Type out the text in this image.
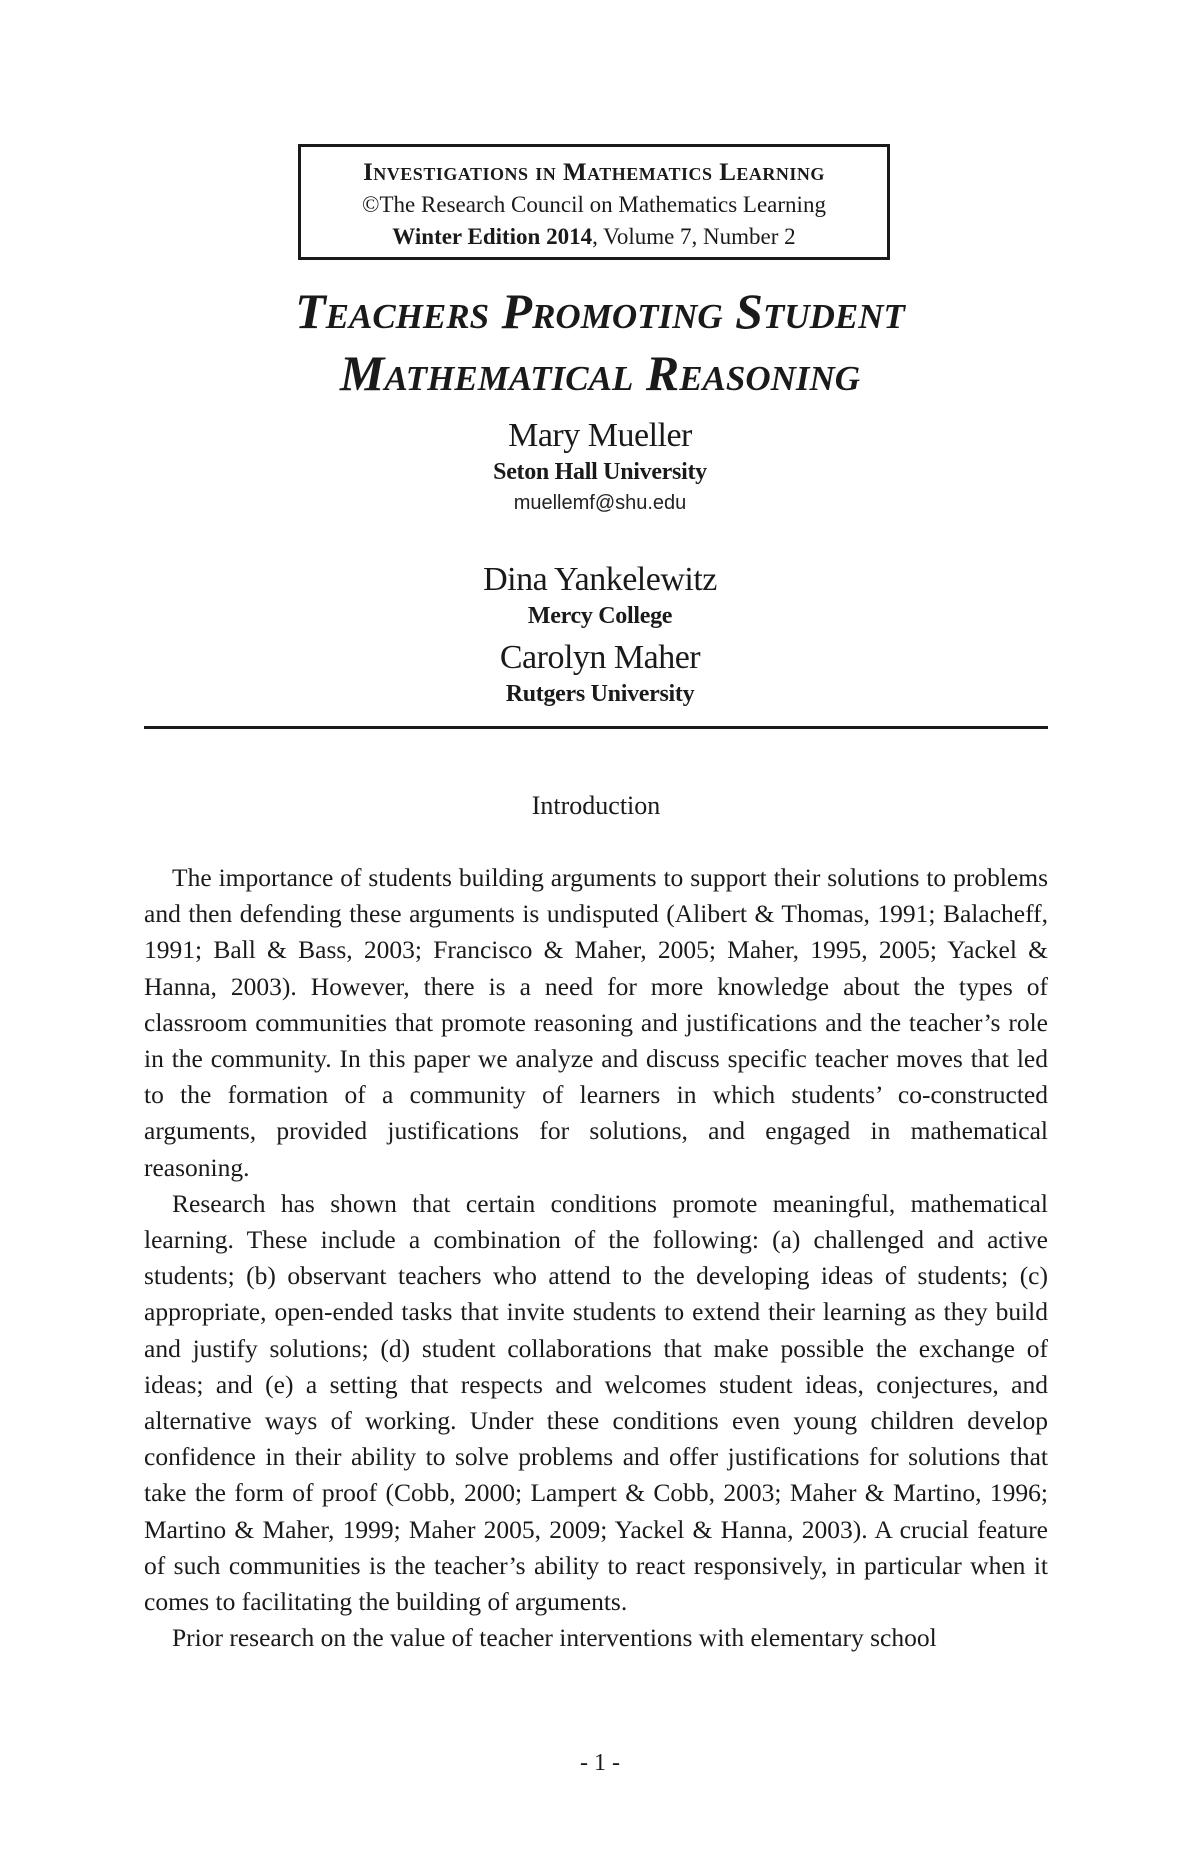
Investigations in Mathematics Learning
©The Research Council on Mathematics Learning
Winter Edition 2014, Volume 7, Number 2
Teachers Promoting Student
Mathematical Reasoning
Mary Mueller
Seton Hall University
muellemf@shu.edu
Dina Yankelewitz
Mercy College
Carolyn Maher
Rutgers University
Introduction

The importance of students building arguments to support their solutions to problems and then defending these arguments is undisputed (Alibert & Thomas, 1991; Balacheff, 1991; Ball & Bass, 2003; Francisco & Maher, 2005; Maher, 1995, 2005; Yackel & Hanna, 2003). However, there is a need for more knowledge about the types of classroom communities that promote reasoning and justifications and the teacher’s role in the community. In this paper we analyze and discuss specific teacher moves that led to the formation of a community of learners in which students’ co-constructed arguments, provided justifications for solutions, and engaged in mathematical reasoning.

Research has shown that certain conditions promote meaningful, mathematical learning. These include a combination of the following: (a) challenged and active students; (b) observant teachers who attend to the developing ideas of students; (c) appropriate, open-ended tasks that invite students to extend their learning as they build and justify solutions; (d) student collaborations that make possible the exchange of ideas; and (e) a setting that respects and welcomes student ideas, conjectures, and alternative ways of working. Under these conditions even young children develop confidence in their ability to solve problems and offer justifications for solutions that take the form of proof (Cobb, 2000; Lampert & Cobb, 2003; Maher & Martino, 1996; Martino & Maher, 1999; Maher 2005, 2009; Yackel & Hanna, 2003). A crucial feature of such communities is the teacher’s ability to react responsively, in particular when it comes to facilitating the building of arguments.

Prior research on the value of teacher interventions with elementary school

- 1 -
